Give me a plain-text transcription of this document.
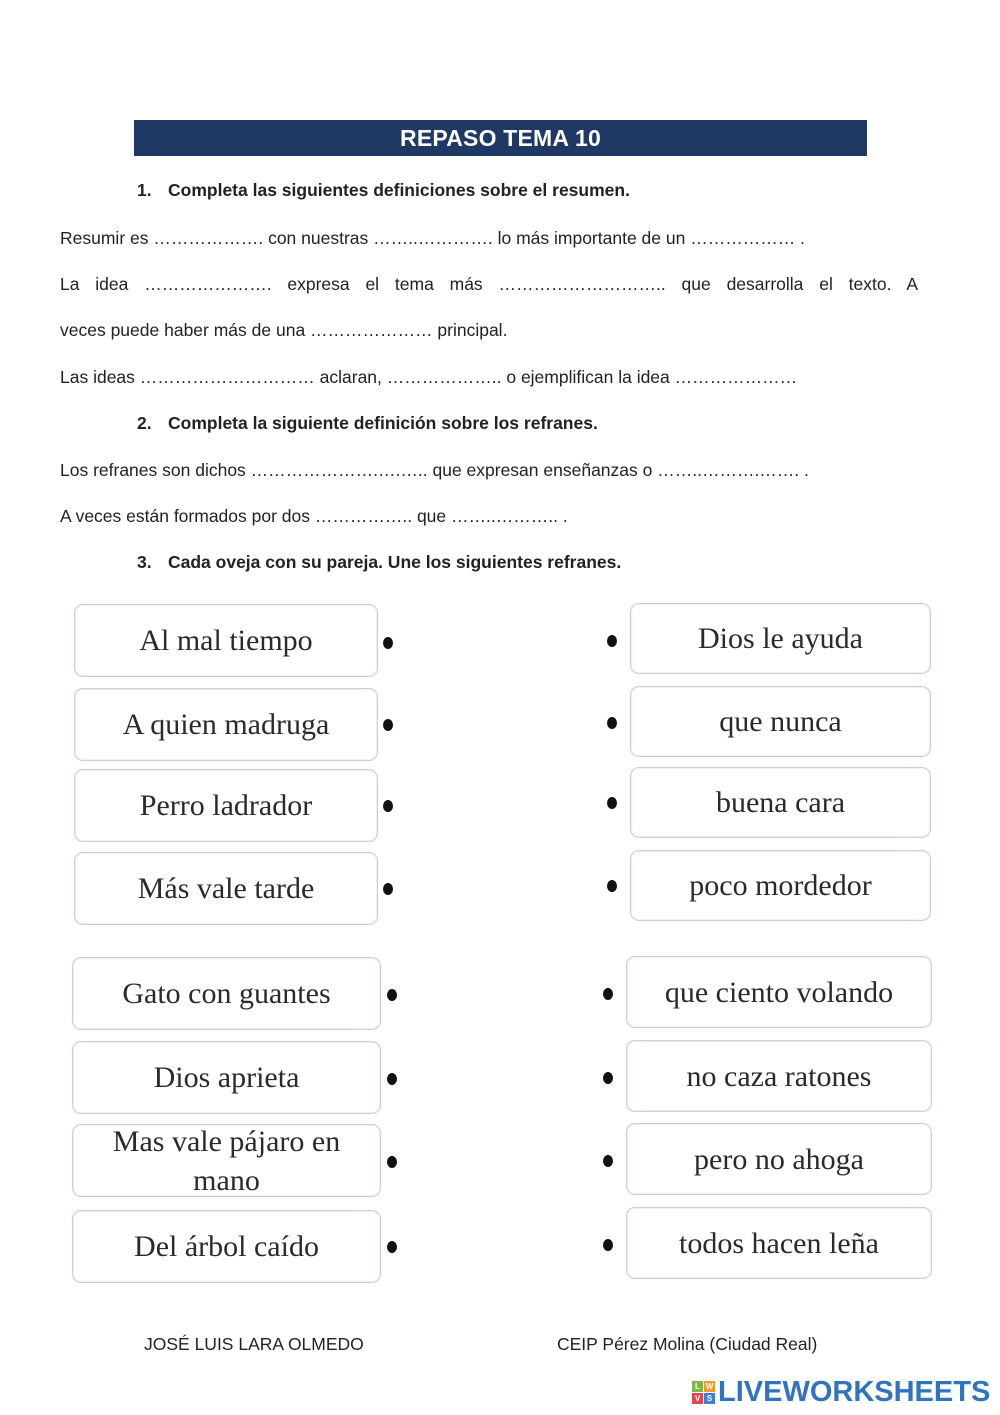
REPASO TEMA 10
1. Completa las siguientes definiciones sobre el resumen.
Resumir es ………………. con nuestras ……..…………. lo más importante de un ……………… .
La idea …………………. expresa el tema más ……………………….. que desarrolla el texto. A
veces puede haber más de una ………………… principal.
Las ideas ………………………… aclaran, ……………….. o ejemplifican la idea …………………
2. Completa la siguiente definición sobre los refranes.
Los refranes son dichos ………………….….….. que expresan enseñanzas o ……..……….……. .
A veces están formados por dos …………….. que ……..……….. .
3. Cada oveja con su pareja. Une los siguientes refranes.
Al mal tiempo
A quien madruga
Perro ladrador
Más vale tarde
Gato con guantes
Dios aprieta
Mas vale pájaro en mano
Del árbol caído
Dios le ayuda
que nunca
buena cara
poco mordedor
que ciento volando
no caza ratones
pero no ahoga
todos hacen leña
JOSÉ LUIS LARA OLMEDO	CEIP Pérez Molina (Ciudad Real)
L W
V S LIVEWORKSHEETS
